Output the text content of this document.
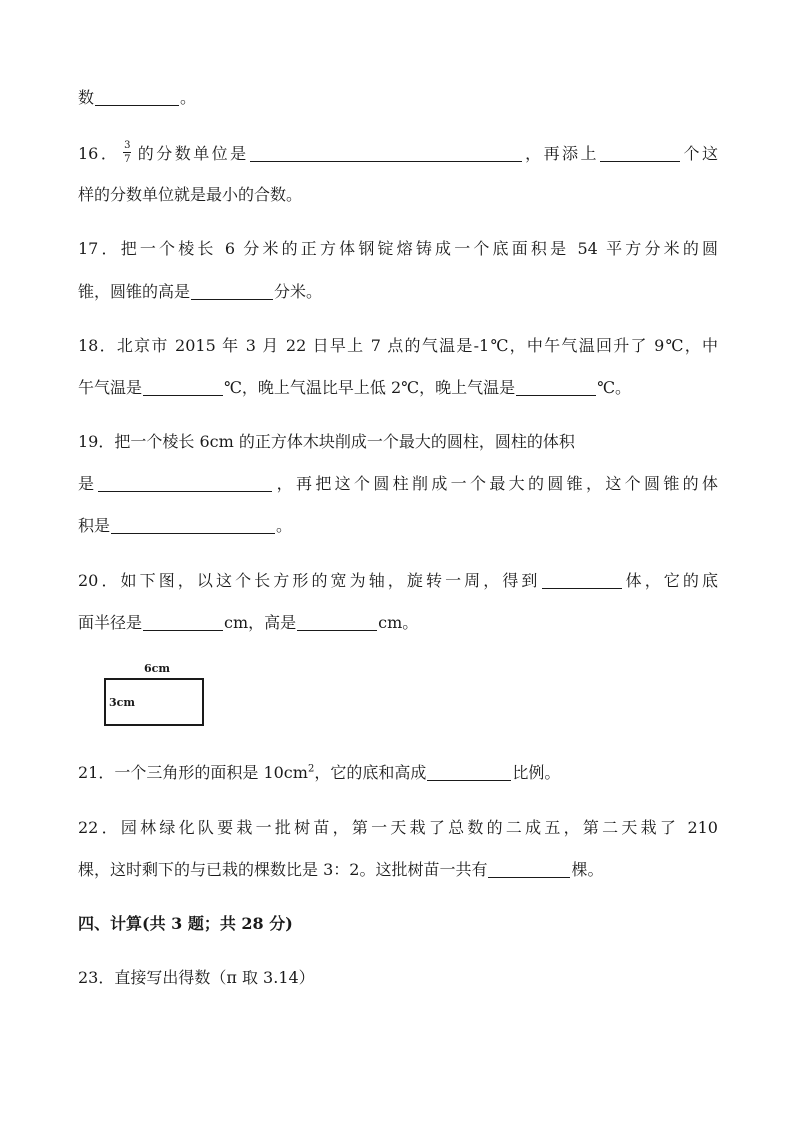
数	。
16． $\frac{3}{7}$ 的分数单位是	，再添上	个这
样的分数单位就是最小的合数。
17．把一个棱长 6 分米的正方体钢锭熔铸成一个底面积是 54 平方分米的圆
锥，圆锥的高是	分米。
18．北京市 2015 年 3 月 22 日早上 7 点的气温是-1℃，中午气温回升了 9℃，中
午气温是	℃，晚上气温比早上低 2℃，晚上气温是	℃。
19．把一个棱长 6cm 的正方体木块削成一个最大的圆柱，圆柱的体积
是	，再把这个圆柱削成一个最大的圆锥，这个圆锥的体
积是	。
20．如下图，以这个长方形的宽为轴，旋转一周，得到	体，它的底
面半径是	cm，高是	cm。
6cm
3cm
21．一个三角形的面积是 $10cm^2$，它的底和高成	比例。
22．园林绿化队要栽一批树苗，第一天栽了总数的二成五，第二天栽了 210
棵，这时剩下的与已栽的棵数比是 3：2。这批树苗一共有	棵。
四、计算(共 3 题；共 28 分)
23．直接写出得数（π 取 3.14）
